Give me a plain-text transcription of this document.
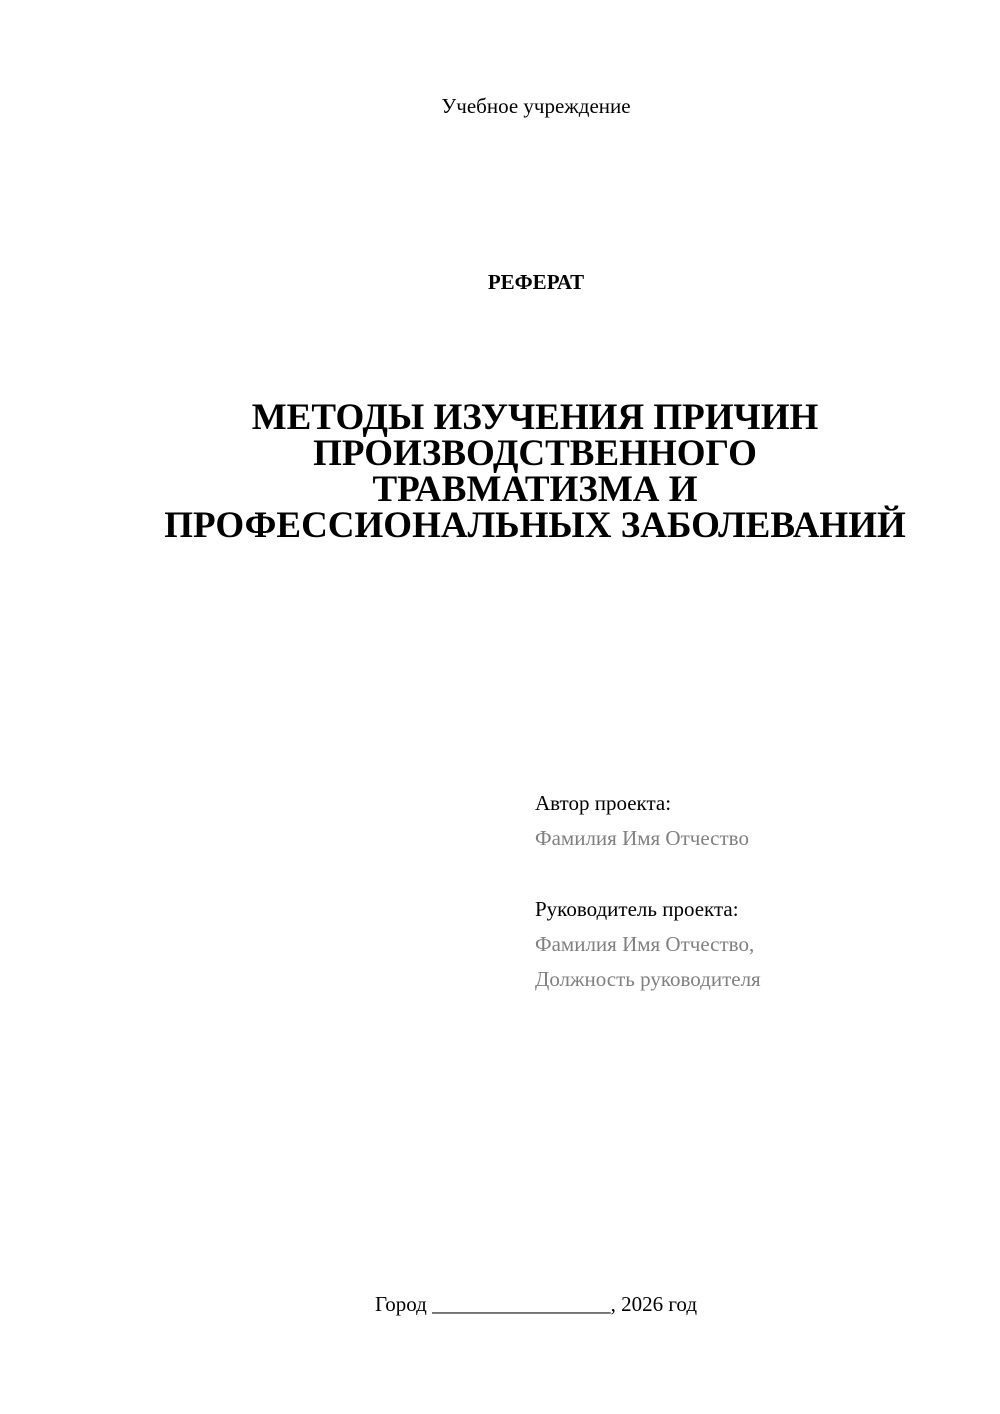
Учебное учреждение
РЕФЕРАТ
МЕТОДЫ ИЗУЧЕНИЯ ПРИЧИН
ПРОИЗВОДСТВЕННОГО
ТРАВМАТИЗМА И
ПРОФЕССИОНАЛЬНЫХ ЗАБОЛЕВАНИЙ
Автор проекта:
Фамилия Имя Отчество
Руководитель проекта:
Фамилия Имя Отчество,
Должность руководителя
Город _________________, 2026 год
